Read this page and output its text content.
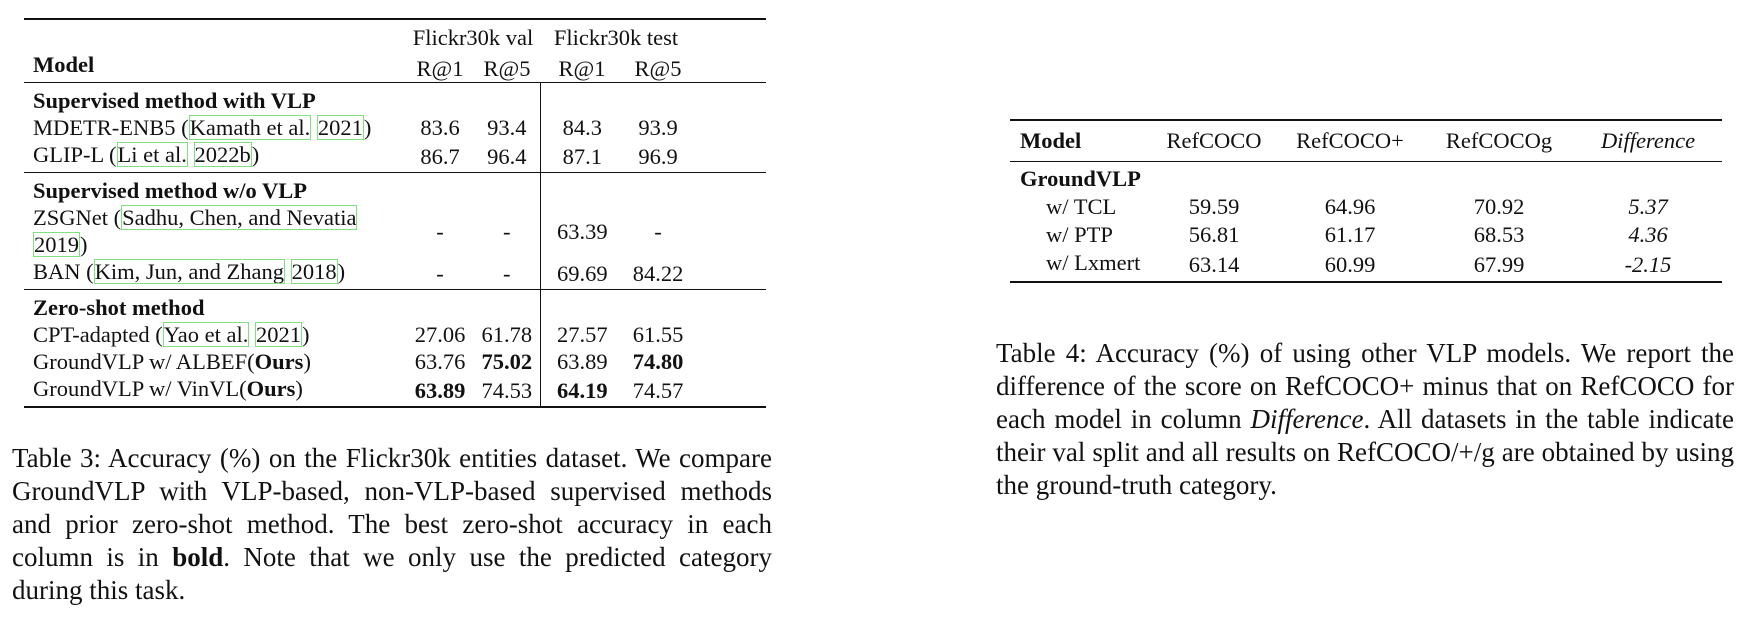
	Flickr30k val		Flickr30k test		
Model	R@1	R@5	R@1	R@5	
Supervised method with VLP					
MDETR-ENB5 (Kamath et al. 2021)	83.6	93.4	84.3	93.9	
GLIP-L (Li et al. 2022b)	86.7	96.4	87.1	96.9	
Supervised method w/o VLP					
ZSGNet (Sadhu, Chen, and Nevatia 2019)	-	-	63.39	-	
BAN (Kim, Jun, and Zhang 2018)	-	-	69.69	84.22	
Zero-shot method					
CPT-adapted (Yao et al. 2021)	27.06	61.78	27.57	61.55	
GroundVLP w/ ALBEF(Ours)	63.76	75.02	63.89	74.80	
GroundVLP w/ VinVL(Ours)	63.89	74.53	64.19	74.57	
Table 3: Accuracy (%) on the Flickr30k entities dataset. We compare GroundVLP with VLP-based, non-VLP-based supervised methods and prior zero-shot method. The best zero-shot accuracy in each column is in bold. Note that we only use the predicted category during this task.
Model	RefCOCO	RefCOCO+	RefCOCOg	Difference
GroundVLP				
w/ TCL	59.59	64.96	70.92	5.37
w/ PTP	56.81	61.17	68.53	4.36
w/ Lxmert	63.14	60.99	67.99	-2.15
Table 4: Accuracy (%) of using other VLP models. We report the difference of the score on RefCOCO+ minus that on RefCOCO for each model in column Difference. All datasets in the table indicate their val split and all results on RefCOCO/+/g are obtained by using the ground-truth category.
